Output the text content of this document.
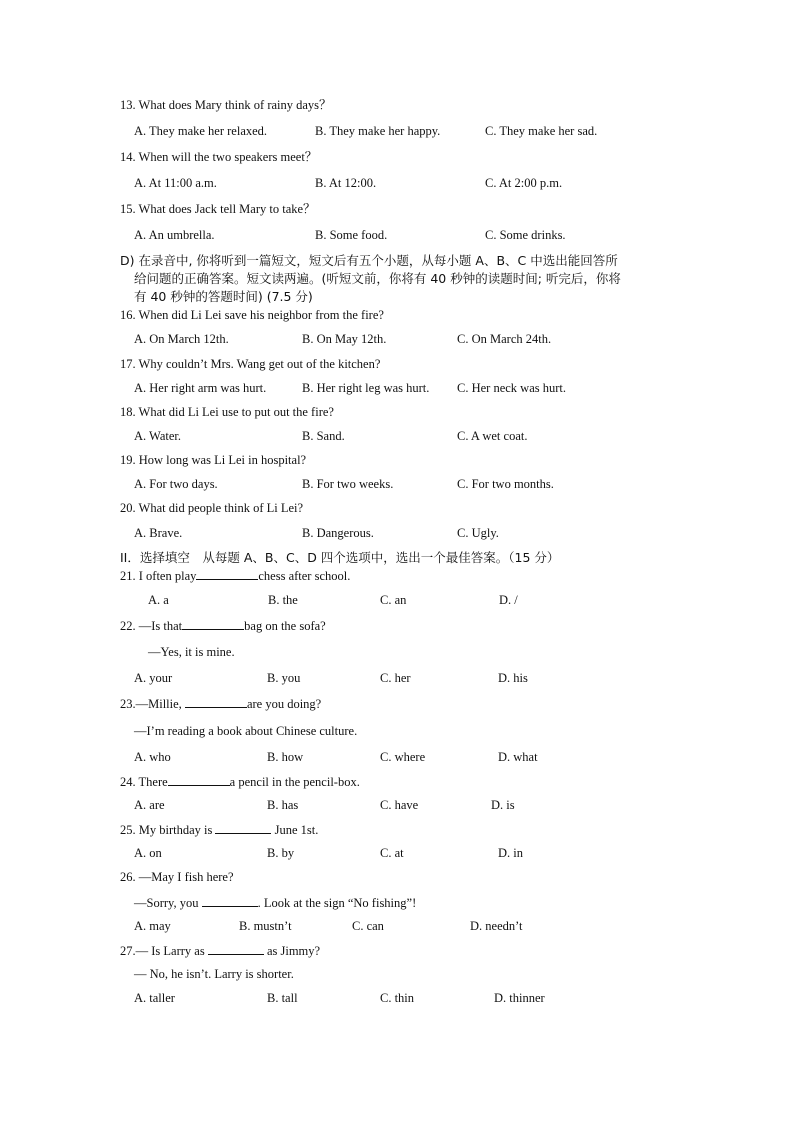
13. What does Mary think of rainy days？
A. They make her relaxed.	B. They make her happy.	C. They make her sad.
14. When will the two speakers meet？
A. At 11:00 a.m.	B. At 12:00.	C. At 2:00 p.m.
15. What does Jack tell Mary to take？
A. An umbrella.	B. Some food.	C. Some drinks.
D) 在录音中, 你将听到一篇短文，短文后有五个小题，从每小题 A、B、C 中选出能回答所
给问题的正确答案。短文读两遍。(听短文前，你将有 40 秒钟的读题时间; 听完后，你将
有 40 秒钟的答题时间) (7.5 分)
16. When did Li Lei save his neighbor from the fire?
A. On March 12th.	B. On May 12th.	C. On March 24th.
17. Why couldn’t Mrs. Wang get out of the kitchen?
A. Her right arm was hurt.	B. Her right leg was hurt. C. Her neck was hurt.
18. What did Li Lei use to put out the fire?
A. Water.	B. Sand.	C. A wet coat.
19. How long was Li Lei in hospital?
A. For two days.	B. For two weeks.	C. For two months.
20. What did people think of Li Lei?
A. Brave.	B. Dangerous.	C. Ugly.
II．选择填空　从每题 A、B、C、D 四个选项中，选出一个最佳答案。（15 分）
21. I often play	chess after school.
A. a	B. the	C. an	D. /
22. —Is that	bag on the sofa?
—Yes, it is mine.
A. your	B. you	C. her	D. his
23.—Millie,	are you doing?
—I’m reading a book about Chinese culture.
A. who	B. how	C. where	D. what
24. There	a pencil in the pencil-box.
A. are	B. has	C. have	D. is
25. My birthday is	June 1st.
A. on	B. by	C. at	D. in
26. —May I fish here?
—Sorry, you	. Look at the sign “No fishing”!
A. may	B. mustn’t	C. can	D. needn’t
27.— Is Larry as	as Jimmy?
— No, he isn’t. Larry is shorter.
A. taller	B. tall	C. thin	D. thinner
